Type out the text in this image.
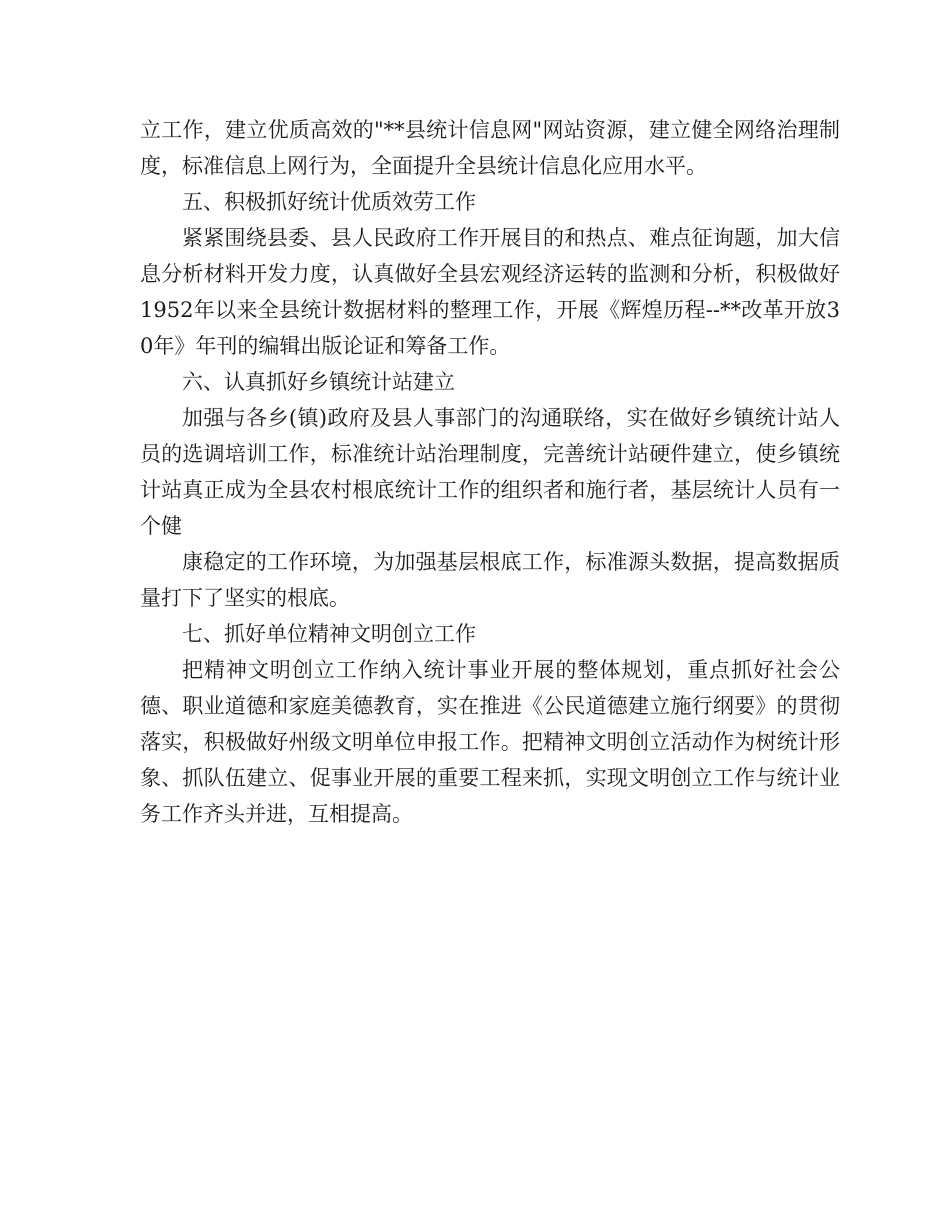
立工作，建立优质高效的"**县统计信息网"网站资源，建立健全网络治理制度，标准信息上网行为，全面提升全县统计信息化应用水平。

五、积极抓好统计优质效劳工作

紧紧围绕县委、县人民政府工作开展目的和热点、难点征询题，加大信息分析材料开发力度，认真做好全县宏观经济运转的监测和分析，积极做好1952年以来全县统计数据材料的整理工作，开展《辉煌历程--**改革开放30年》年刊的编辑出版论证和筹备工作。

六、认真抓好乡镇统计站建立

加强与各乡(镇)政府及县人事部门的沟通联络，实在做好乡镇统计站人员的选调培训工作，标准统计站治理制度，完善统计站硬件建立，使乡镇统计站真正成为全县农村根底统计工作的组织者和施行者，基层统计人员有一个健

康稳定的工作环境，为加强基层根底工作，标准源头数据，提高数据质量打下了坚实的根底。

七、抓好单位精神文明创立工作

把精神文明创立工作纳入统计事业开展的整体规划，重点抓好社会公德、职业道德和家庭美德教育，实在推进《公民道德建立施行纲要》的贯彻落实，积极做好州级文明单位申报工作。把精神文明创立活动作为树统计形象、抓队伍建立、促事业开展的重要工程来抓，实现文明创立工作与统计业务工作齐头并进，互相提高。
